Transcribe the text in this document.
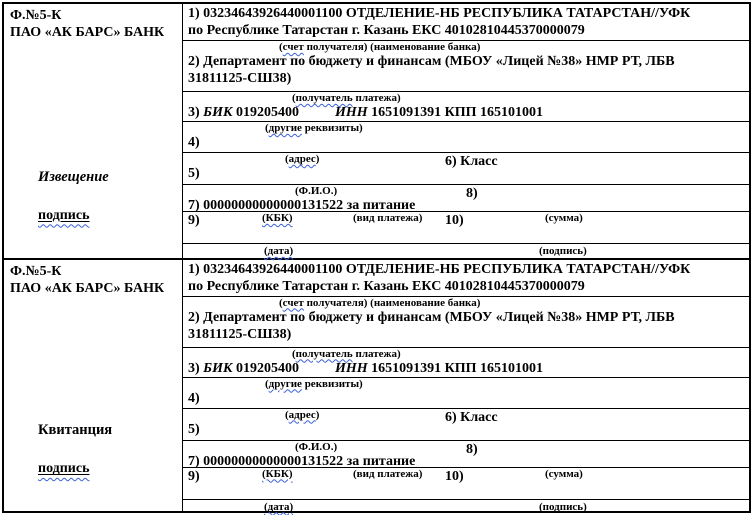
Ф.№5-К
ПАО «АК БАРС» БАНК
Извещение
подпись
1) 03234643926440001100 ОТДЕЛЕНИЕ-НБ РЕСПУБЛИКА ТАТАРСТАН//УФК
по Республике Татарстан г. Казань ЕКС 40102810445370000079
(счет получателя) (наименование банка)
2) Департамент по бюджету и финансам (МБОУ «Лицей №38» НМР РТ, ЛБВ
31811125-СШ38)
(получатель платежа)
3) БИК 019205400	ИНН 1651091391 КПП 165101001
(другие реквизиты)
4)
(адрес)
5)
6) Класс
(Ф.И.О.)
7) 00000000000000131522 за питание
8)
(КБК)	(вид платежа)	(сумма)
9)	10)
(дата)	(подпись)
Ф.№5-К
ПАО «АК БАРС» БАНК
Квитанция
подпись
1) 03234643926440001100 ОТДЕЛЕНИЕ-НБ РЕСПУБЛИКА ТАТАРСТАН//УФК
по Республике Татарстан г. Казань ЕКС 40102810445370000079
(счет получателя) (наименование банка)
2) Департамент по бюджету и финансам (МБОУ «Лицей №38» НМР РТ, ЛБВ
31811125-СШ38)
(получатель платежа)
3) БИК 019205400	ИНН 1651091391 КПП 165101001
(другие реквизиты)
4)
(адрес)
5)
6) Класс
(Ф.И.О.)
7) 00000000000000131522 за питание
8)
(КБК)	(вид платежа)	(сумма)
9)	10)
(дата)	(подпись)
